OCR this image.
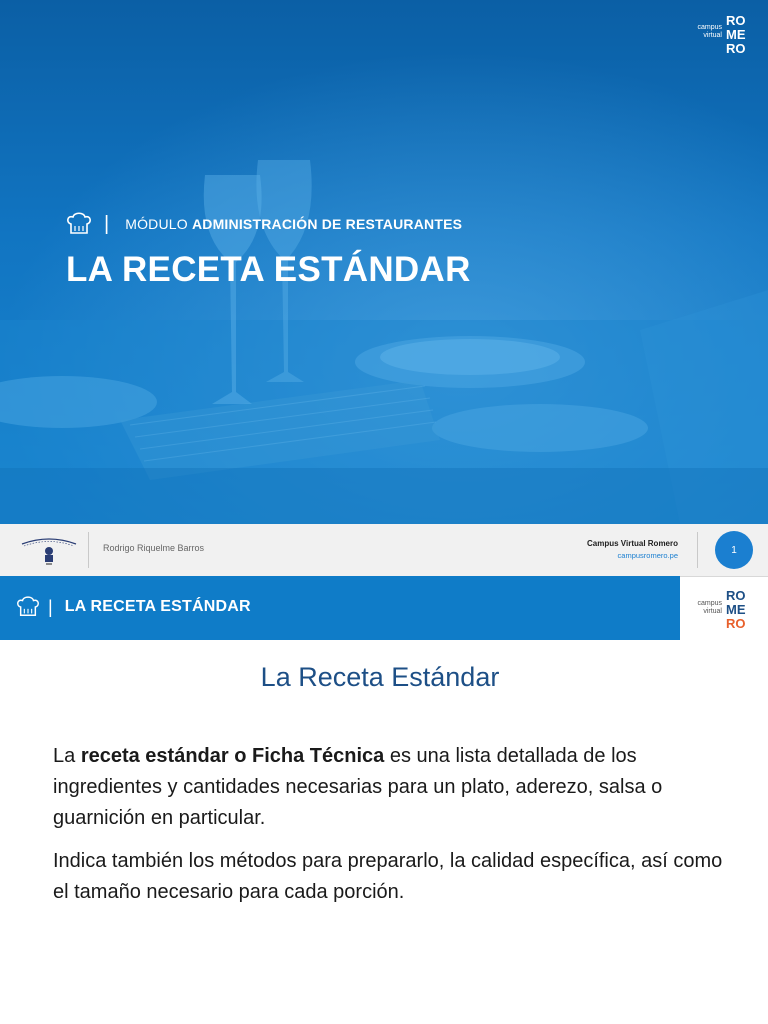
campus
virtual
RO
ME
RO
| MÓDULO ADMINISTRACIÓN DE RESTAURANTES
LA RECETA ESTÁNDAR
Rodrigo Riquelme Barros	Campus Virtual Romero
campusromero.pe	1
| LA RECETA ESTÁNDAR	campus
virtual
RO
ME
RO
La Receta Estándar

La receta estándar o Ficha Técnica es una lista detallada de los ingredientes y cantidades necesarias para un plato, aderezo, salsa o guarnición en particular.

Indica también los métodos para prepararlo, la calidad específica, así como el tamaño necesario para cada porción.
